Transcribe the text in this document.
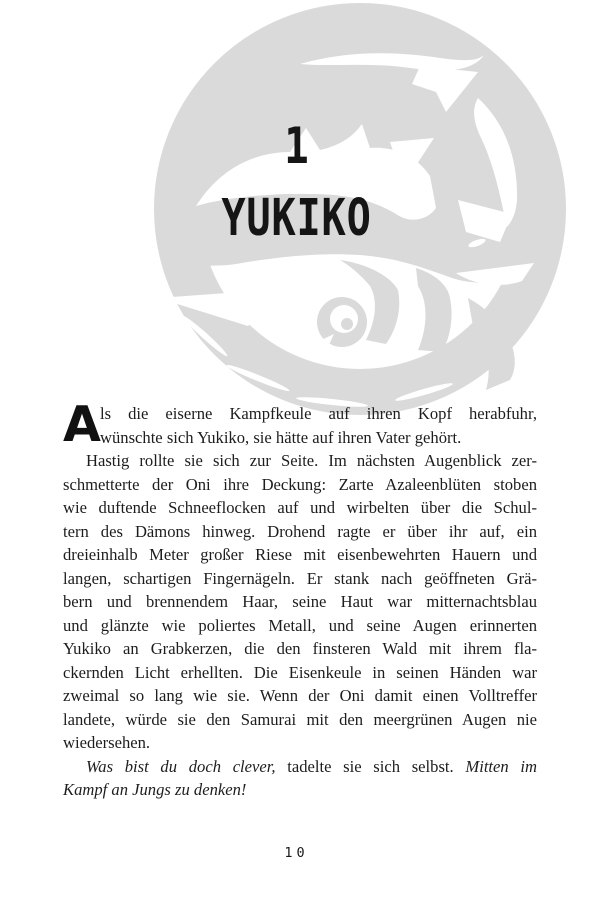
1
YUKIKO
A ls die eiserne Kampfkeule auf ihren Kopf herabfuhr,
wünschte sich Yukiko, sie hätte auf ihren Vater gehört.
Hastig rollte sie sich zur Seite. Im nächsten Augenblick zer-
schmetterte der Oni ihre Deckung: Zarte Azaleenblüten stoben
wie duftende Schneeflocken auf und wirbelten über die Schul-
tern des Dämons hinweg. Drohend ragte er über ihr auf, ein
dreieinhalb Meter großer Riese mit eisenbewehrten Hauern und
langen, schartigen Fingernägeln. Er stank nach geöffneten Grä-
bern und brennendem Haar, seine Haut war mitternachtsblau
und glänzte wie poliertes Metall, und seine Augen erinnerten
Yukiko an Grabkerzen, die den finsteren Wald mit ihrem fla-
ckernden Licht erhellten. Die Eisenkeule in seinen Händen war
zweimal so lang wie sie. Wenn der Oni damit einen Volltreffer
landete, würde sie den Samurai mit den meergrünen Augen nie
wiedersehen.
Was bist du doch clever, tadelte sie sich selbst. Mitten im
Kampf an Jungs zu denken!
10
